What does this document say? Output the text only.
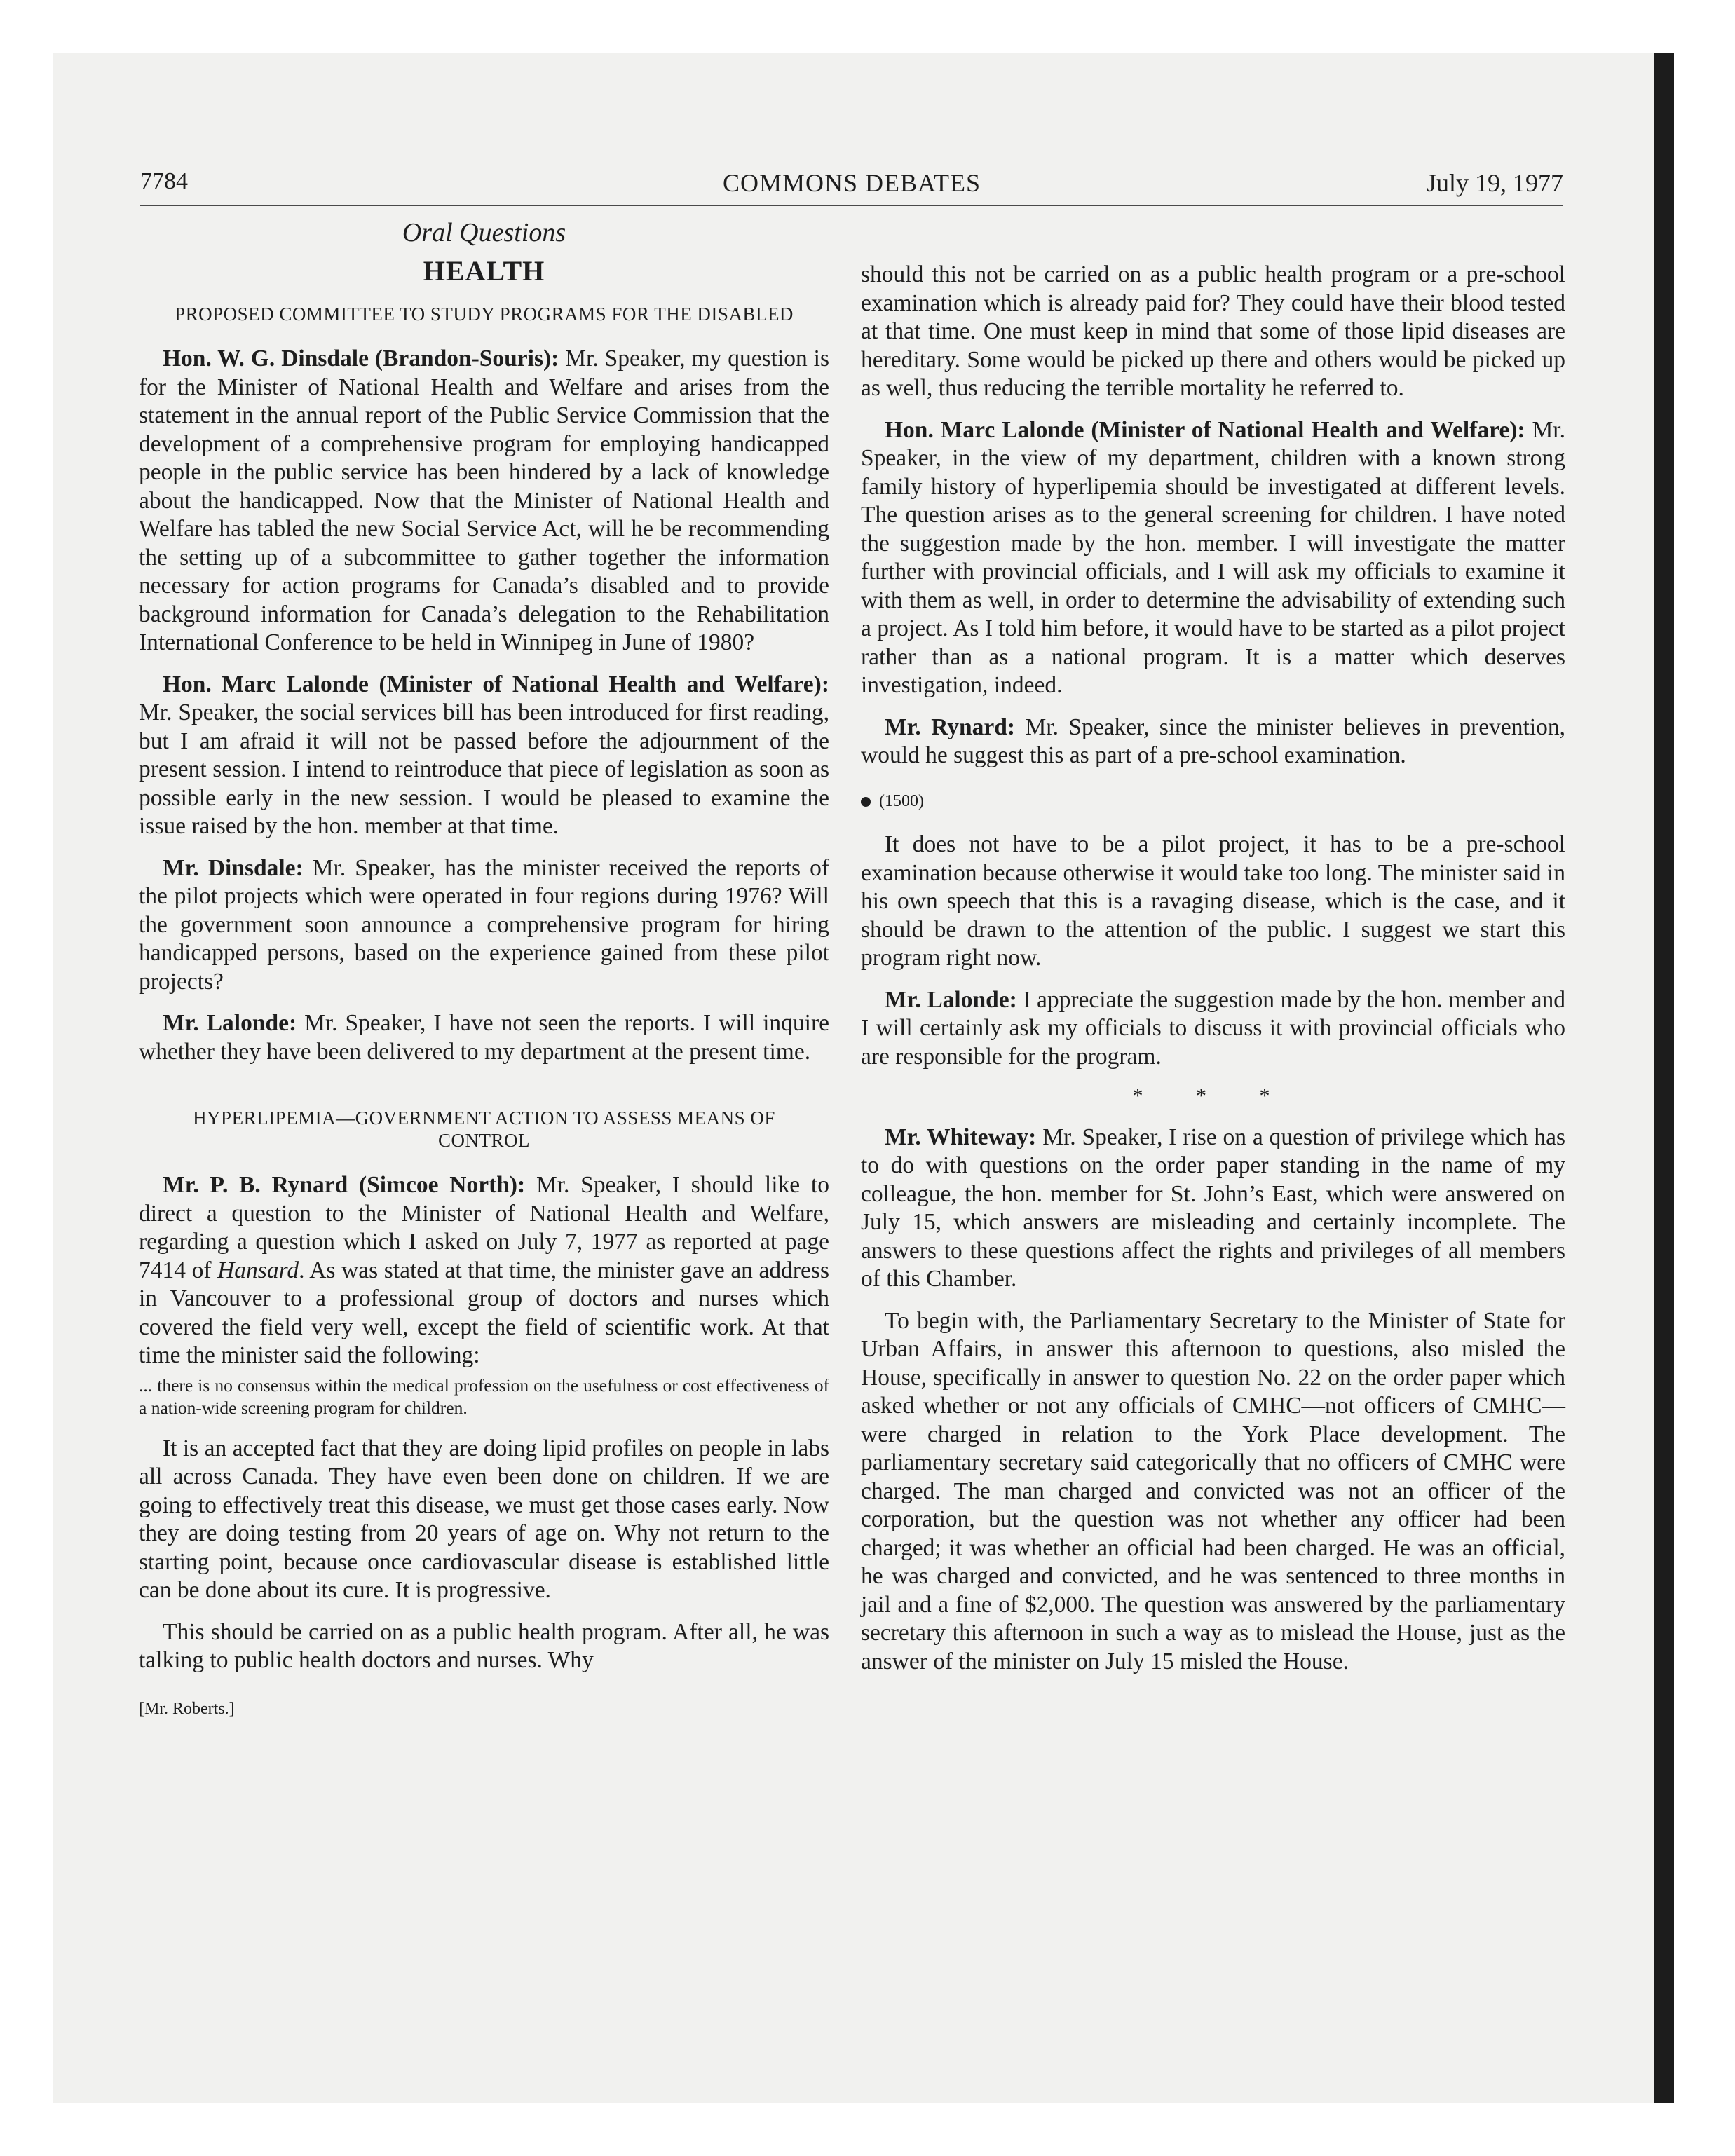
7784	COMMONS DEBATES	July 19, 1977
Oral Questions
HEALTH
PROPOSED COMMITTEE TO STUDY PROGRAMS FOR THE DISABLED

Hon. W. G. Dinsdale (Brandon-Souris): Mr. Speaker, my question is for the Minister of National Health and Welfare and arises from the statement in the annual report of the Public Service Commission that the development of a comprehensive program for employing handicapped people in the public service has been hindered by a lack of knowledge about the handicapped. Now that the Minister of National Health and Welfare has tabled the new Social Service Act, will he be recommending the setting up of a subcommittee to gather together the information necessary for action programs for Canada’s disabled and to provide background information for Canada’s delegation to the Rehabilitation International Conference to be held in Winnipeg in June of 1980?

Hon. Marc Lalonde (Minister of National Health and Welfare): Mr. Speaker, the social services bill has been introduced for first reading, but I am afraid it will not be passed before the adjournment of the present session. I intend to reintroduce that piece of legislation as soon as possible early in the new session. I would be pleased to examine the issue raised by the hon. member at that time.

Mr. Dinsdale: Mr. Speaker, has the minister received the reports of the pilot projects which were operated in four regions during 1976? Will the government soon announce a comprehensive program for hiring handicapped persons, based on the experience gained from these pilot projects?

Mr. Lalonde: Mr. Speaker, I have not seen the reports. I will inquire whether they have been delivered to my department at the present time.

HYPERLIPEMIA—GOVERNMENT ACTION TO ASSESS MEANS OF CONTROL

Mr. P. B. Rynard (Simcoe North): Mr. Speaker, I should like to direct a question to the Minister of National Health and Welfare, regarding a question which I asked on July 7, 1977 as reported at page 7414 of Hansard. As was stated at that time, the minister gave an address in Vancouver to a professional group of doctors and nurses which covered the field very well, except the field of scientific work. At that time the minister said the following:

... there is no consensus within the medical profession on the usefulness or cost effectiveness of a nation-wide screening program for children.

It is an accepted fact that they are doing lipid profiles on people in labs all across Canada. They have even been done on children. If we are going to effectively treat this disease, we must get those cases early. Now they are doing testing from 20 years of age on. Why not return to the starting point, because once cardiovascular disease is established little can be done about its cure. It is progressive.

This should be carried on as a public health program. After all, he was talking to public health doctors and nurses. Why

[Mr. Roberts.]

should this not be carried on as a public health program or a pre-school examination which is already paid for? They could have their blood tested at that time. One must keep in mind that some of those lipid diseases are hereditary. Some would be picked up there and others would be picked up as well, thus reducing the terrible mortality he referred to.

Hon. Marc Lalonde (Minister of National Health and Welfare): Mr. Speaker, in the view of my department, children with a known strong family history of hyperlipemia should be investigated at different levels. The question arises as to the general screening for children. I have noted the suggestion made by the hon. member. I will investigate the matter further with provincial officials, and I will ask my officials to examine it with them as well, in order to determine the advisability of extending such a project. As I told him before, it would have to be started as a pilot project rather than as a national program. It is a matter which deserves investigation, indeed.

Mr. Rynard: Mr. Speaker, since the minister believes in prevention, would he suggest this as part of a pre-school examination.

(1500)

It does not have to be a pilot project, it has to be a pre-school examination because otherwise it would take too long. The minister said in his own speech that this is a ravaging disease, which is the case, and it should be drawn to the attention of the public. I suggest we start this program right now.

Mr. Lalonde: I appreciate the suggestion made by the hon. member and I will certainly ask my officials to discuss it with provincial officials who are responsible for the program.

* * *

Mr. Whiteway: Mr. Speaker, I rise on a question of privilege which has to do with questions on the order paper standing in the name of my colleague, the hon. member for St. John’s East, which were answered on July 15, which answers are misleading and certainly incomplete. The answers to these questions affect the rights and privileges of all members of this Chamber.

To begin with, the Parliamentary Secretary to the Minister of State for Urban Affairs, in answer this afternoon to questions, also misled the House, specifically in answer to question No. 22 on the order paper which asked whether or not any officials of CMHC—not officers of CMHC—were charged in relation to the York Place development. The parliamentary secretary said categorically that no officers of CMHC were charged. The man charged and convicted was not an officer of the corporation, but the question was not whether any officer had been charged; it was whether an official had been charged. He was an official, he was charged and convicted, and he was sentenced to three months in jail and a fine of $2,000. The question was answered by the parliamentary secretary this afternoon in such a way as to mislead the House, just as the answer of the minister on July 15 misled the House.
